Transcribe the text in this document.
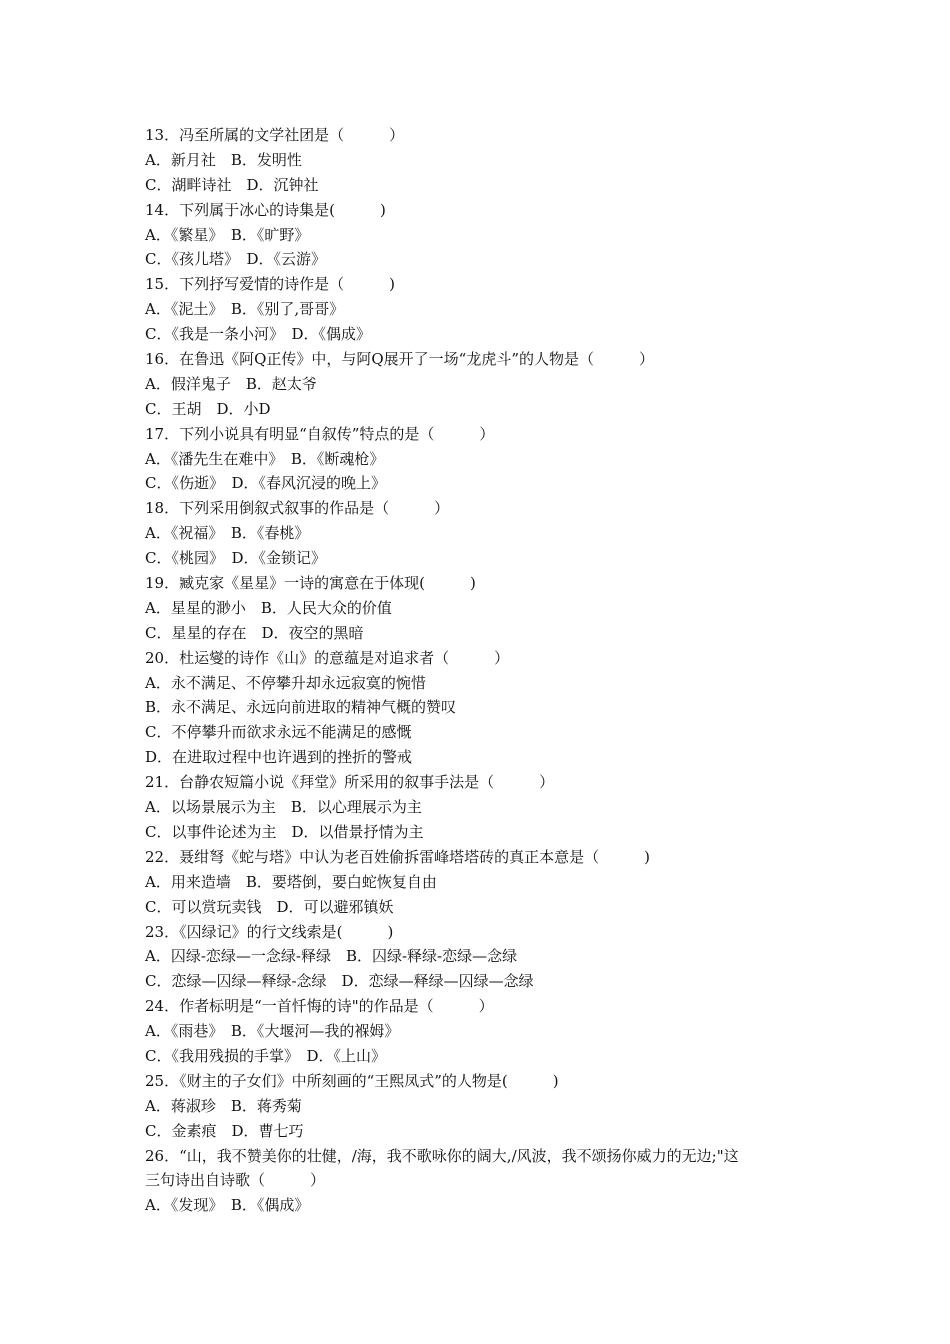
13．冯至所属的文学社团是（　　　）
A．新月社　B．发明性
C．湖畔诗社　D．沉钟社
14．下列属于冰心的诗集是(　　　)
A．《繁星》　B．《旷野》
C．《孩儿塔》　D．《云游》
15．下列抒写爱情的诗作是（　　　)
A．《泥土》　B．《别了,哥哥》
C．《我是一条小河》　D．《偶成》
16．在鲁迅《阿Q正传》中，与阿Q展开了一场“龙虎斗”的人物是（　　　）
A．假洋鬼子　B．赵太爷
C．王胡　D．小D
17．下列小说具有明显“自叙传”特点的是（　　　）
A．《潘先生在难中》　B．《断魂枪》
C．《伤逝》　D．《春风沉浸的晚上》
18．下列采用倒叙式叙事的作品是（　　　）
A．《祝福》　B．《春桃》
C．《桃园》　D．《金锁记》
19．臧克家《星星》一诗的寓意在于体现(　　　)
A．星星的渺小　B．人民大众的价值
C．星星的存在　D．夜空的黑暗
20．杜运燮的诗作《山》的意蕴是对追求者（　　　）
A．永不满足、不停攀升却永远寂寞的惋惜
B．永不满足、永远向前进取的精神气概的赞叹
C．不停攀升而欲求永远不能满足的感慨
D．在进取过程中也许遇到的挫折的警戒
21．台静农短篇小说《拜堂》所采用的叙事手法是（　　　）
A．以场景展示为主　B．以心理展示为主
C．以事件论述为主　D．以借景抒情为主
22．聂绀弩《蛇与塔》中认为老百姓偷拆雷峰塔塔砖的真正本意是（　　　)
A．用来造墙　B．要塔倒，要白蛇恢复自由
C．可以赏玩卖钱　D．可以避邪镇妖
23．《囚绿记》的行文线索是(　　　)
A．囚绿-恋绿—一念绿-释绿　B．囚绿-释绿-恋绿—念绿
C．恋绿—囚绿—释绿-念绿　D．恋绿—释绿—囚绿—念绿
24．作者标明是“一首忏悔的诗"的作品是（　　　）
A．《雨巷》　B．《大堰河—我的褓姆》
C．《我用残损的手掌》　D．《上山》
25．《财主的子女们》中所刻画的“王熙凤式”的人物是(　　　)
A．蒋淑珍　B．蒋秀菊
C．金素痕　D．曹七巧
26．“山，我不赞美你的壮健，/海，我不歌咏你的阔大,/风波，我不颂扬你威力的无边;"这
三句诗出自诗歌（　　　）
A．《发现》　B．《偶成》
